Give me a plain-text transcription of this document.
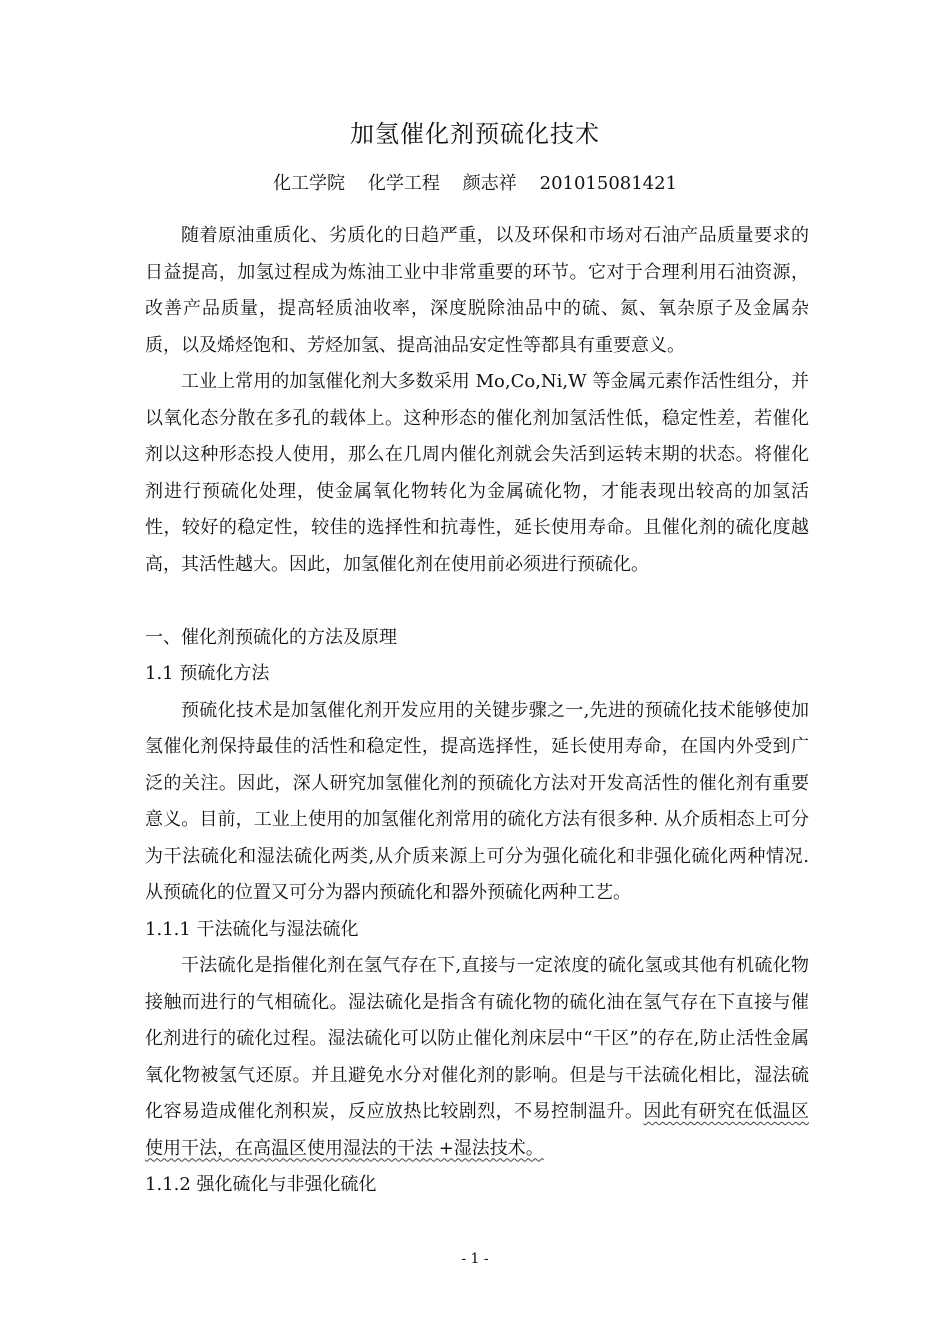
加氢催化剂预硫化技术
化工学院    化学工程    颜志祥    201015081421

随着原油重质化、劣质化的日趋严重，以及环保和市场对石油产品质量要求的日益提高，加氢过程成为炼油工业中非常重要的环节。它对于合理利用石油资源，改善产品质量，提高轻质油收率，深度脱除油品中的硫、氮、氧杂原子及金属杂质，以及烯烃饱和、芳烃加氢、提高油品安定性等都具有重要意义。

工业上常用的加氢催化剂大多数采用 Mo,Co,Ni,W 等金属元素作活性组分，并以氧化态分散在多孔的载体上。这种形态的催化剂加氢活性低，稳定性差，若催化剂以这种形态投人使用，那么在几周内催化剂就会失活到运转末期的状态。将催化剂进行预硫化处理，使金属氧化物转化为金属硫化物，才能表现出较高的加氢活性，较好的稳定性，较佳的选择性和抗毒性，延长使用寿命。且催化剂的硫化度越高，其活性越大。因此，加氢催化剂在使用前必须进行预硫化。

一、催化剂预硫化的方法及原理

1.1 预硫化方法

预硫化技术是加氢催化剂开发应用的关键步骤之一,先进的预硫化技术能够使加氢催化剂保持最佳的活性和稳定性，提高选择性，延长使用寿命，在国内外受到广泛的关注。因此，深人研究加氢催化剂的预硫化方法对开发高活性的催化剂有重要意义。目前，工业上使用的加氢催化剂常用的硫化方法有很多种. 从介质相态上可分为干法硫化和湿法硫化两类,从介质来源上可分为强化硫化和非强化硫化两种情况. 从预硫化的位置又可分为器内预硫化和器外预硫化两种工艺。

1.1.1 干法硫化与湿法硫化

干法硫化是指催化剂在氢气存在下,直接与一定浓度的硫化氢或其他有机硫化物接触而进行的气相硫化。湿法硫化是指含有硫化物的硫化油在氢气存在下直接与催化剂进行的硫化过程。湿法硫化可以防止催化剂床层中“干区”的存在,防止活性金属氧化物被氢气还原。并且避免水分对催化剂的影响。但是与干法硫化相比，湿法硫化容易造成催化剂积炭，反应放热比较剧烈，不易控制温升。因此有研究在低温区使用干法，在高温区使用湿法的干法 +湿法技术。

1.1.2 强化硫化与非强化硫化

- 1 -
